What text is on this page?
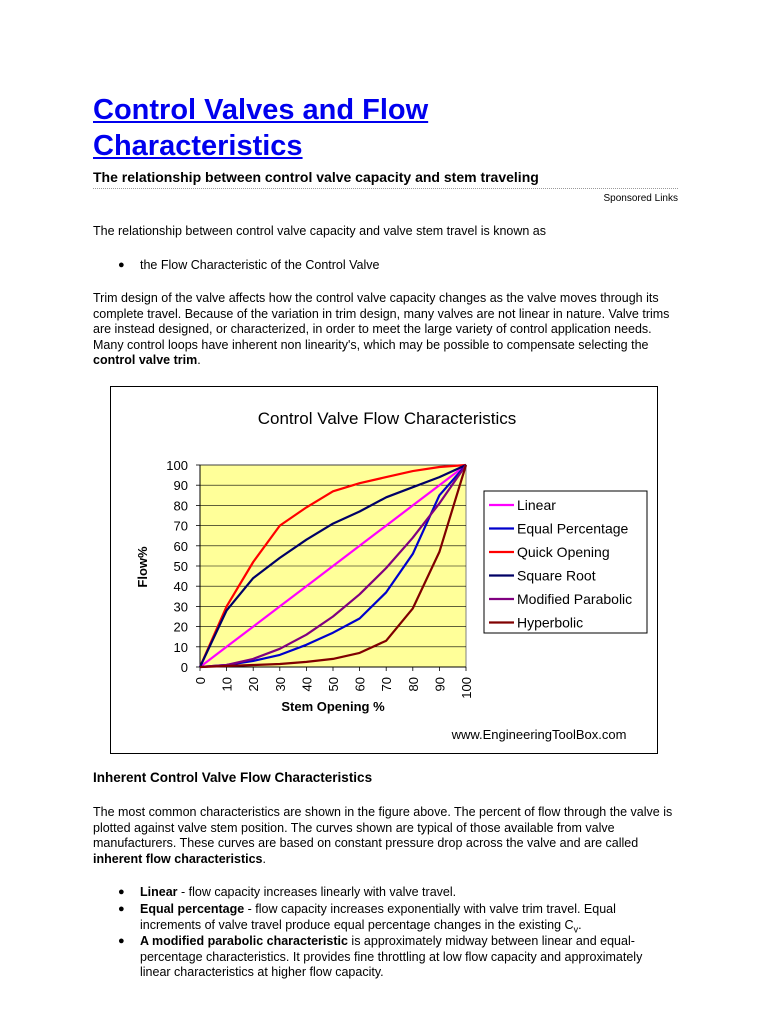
Control Valves and Flow Characteristics
The relationship between control valve capacity and stem traveling
Sponsored Links

The relationship between control valve capacity and valve stem travel is known as

● the Flow Characteristic of the Control Valve

Trim design of the valve affects how the control valve capacity changes as the valve moves through its complete travel. Because of the variation in trim design, many valves are not linear in nature. Valve trims are instead designed, or characterized, in order to meet the large variety of control application needs. Many control loops have inherent non linearity's, which may be possible to compensate selecting the control valve trim.

Inherent Control Valve Flow Characteristics

The most common characteristics are shown in the figure above. The percent of flow through the valve is plotted against valve stem position. The curves shown are typical of those available from valve manufacturers. These curves are based on constant pressure drop across the valve and are called inherent flow characteristics.

● Linear - flow capacity increases linearly with valve travel.
● Equal percentage - flow capacity increases exponentially with valve trim travel. Equal increments of valve travel produce equal percentage changes in the existing $C_v$.
● A modified parabolic characteristic is approximately midway between linear and equal-percentage characteristics. It provides fine throttling at low flow capacity and approximately linear characteristics at higher flow capacity.
0
10
20
30
40
50
60
70
80
90
100
0 10 20 30 40 50 60 70 80 90 100
Linear
Equal Percentage
Quick Opening
Square Root
Modified Parabolic
Hyperbolic
Control Valve Flow Characteristics
Flow%
Stem Opening %
www.EngineeringToolBox.com
